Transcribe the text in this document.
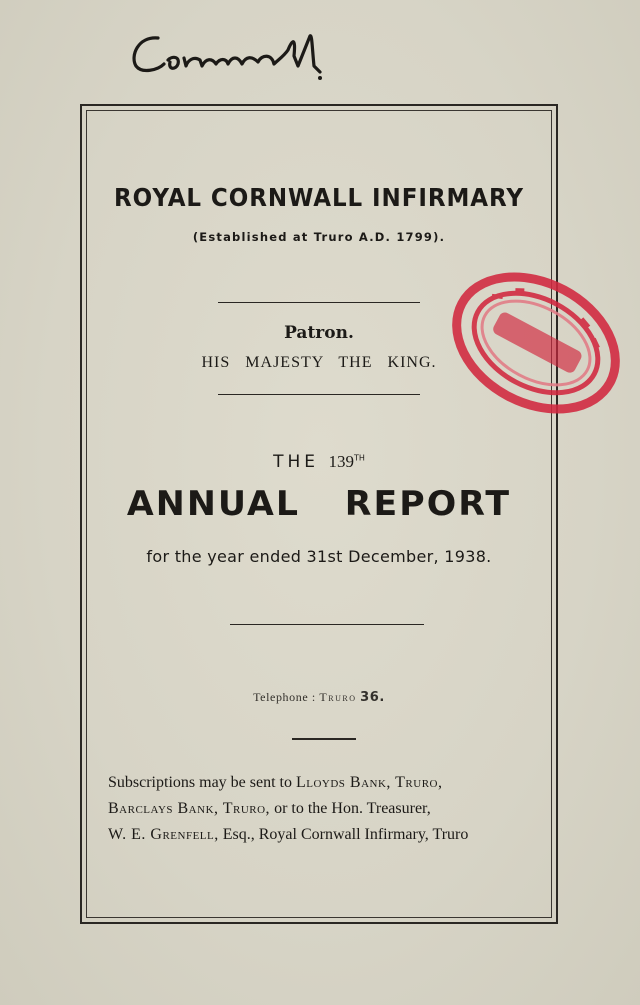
ROYAL CORNWALL INFIRMARY
(Established at Truro A.D. 1799).
Patron.
HIS MAJESTY THE KING.
THE 139TH
ANNUAL REPORT
for the year ended 31st December, 1938.
Telephone : Truro 36.
Subscriptions may be sent to Lloyds Bank, Truro,
Barclays Bank, Truro, or to the Hon. Treasurer,
W. E. Grenfell, Esq., Royal Cornwall Infirmary, Truro
